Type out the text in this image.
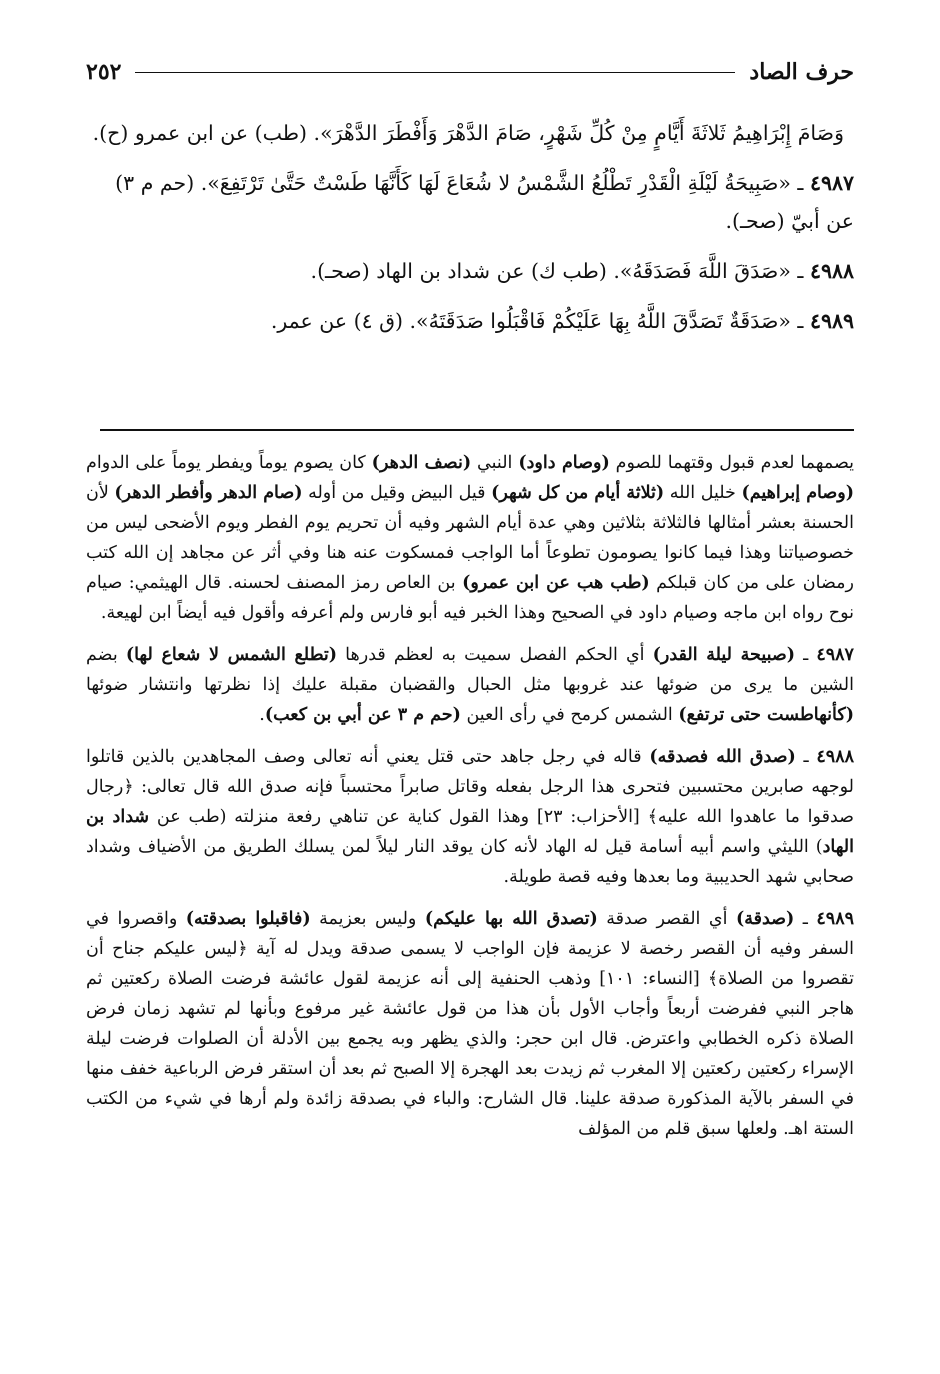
٢٥٢	حرف الصاد

وَصَامَ إِبْرَاهِيمُ ثَلاثَةَ أَيَّامٍ مِنْ كُلِّ شَهْرٍ، صَامَ الدَّهْرَ وَأَفْطَرَ الدَّهْرَ». (طب) عن ابن عمرو (ح).

٤٩٨٧ ـ «صَبِيحَةُ لَيْلَةِ الْقَدْرِ تَطْلُعُ الشَّمْسُ لا شُعَاعَ لَهَا كَأَنَّهَا طَسْتٌ حَتَّىٰ تَرْتَفِعَ». (حم م ٣) عن أبيّ (صحـ).

٤٩٨٨ ـ «صَدَقَ اللَّهَ فَصَدَقَهُ». (طب ك) عن شداد بن الهاد (صحـ).

٤٩٨٩ ـ «صَدَقَةٌ تَصَدَّقَ اللَّهُ بِهَا عَلَيْكُمْ فَاقْبَلُوا صَدَقَتَهُ». (ق ٤) عن عمر.

يصمهما لعدم قبول وقتهما للصوم (وصام داود) النبي (نصف الدهر) كان يصوم يوماً ويفطر يوماً على الدوام (وصام إبراهيم) خليل الله (ثلاثة أيام من كل شهر) قيل البيض وقيل من أوله (صام الدهر وأفطر الدهر) لأن الحسنة بعشر أمثالها فالثلاثة بثلاثين وهي عدة أيام الشهر وفيه أن تحريم يوم الفطر ويوم الأضحى ليس من خصوصياتنا وهذا فيما كانوا يصومون تطوعاً أما الواجب فمسكوت عنه هنا وفي أثر عن مجاهد إن الله كتب رمضان على من كان قبلكم (طب هب عن ابن عمرو) بن العاص رمز المصنف لحسنه. قال الهيثمي: صيام نوح رواه ابن ماجه وصيام داود في الصحيح وهذا الخبر فيه أبو فارس ولم أعرفه وأقول فيه أيضاً ابن لهيعة.

٤٩٨٧ ـ (صبيحة ليلة القدر) أي الحكم الفصل سميت به لعظم قدرها (تطلع الشمس لا شعاع لها) بضم الشين ما يرى من ضوئها عند غروبها مثل الحبال والقضبان مقبلة عليك إذا نظرتها وانتشار ضوئها (كأنهاطست حتى ترتفع) الشمس كرمح في رأى العين (حم م ٣ عن أبي بن كعب).

٤٩٨٨ ـ (صدق الله فصدقه) قاله في رجل جاهد حتى قتل يعني أنه تعالى وصف المجاهدين بالذين قاتلوا لوجهه صابرين محتسبين فتحرى هذا الرجل بفعله وقاتل صابراً محتسباً فإنه صدق الله قال تعالى: ﴿رجال صدقوا ما عاهدوا الله عليه﴾ [الأحزاب: ٢٣] وهذا القول كناية عن تناهي رفعة منزلته (طب عن شداد بن الهاد) الليثي واسم أبيه أسامة قيل له الهاد لأنه كان يوقد النار ليلاً لمن يسلك الطريق من الأضياف وشداد صحابي شهد الحديبية وما بعدها وفيه قصة طويلة.

٤٩٨٩ ـ (صدقة) أي القصر صدقة (تصدق الله بها عليكم) وليس بعزيمة (فاقبلوا بصدقته) واقصروا في السفر وفيه أن القصر رخصة لا عزيمة فإن الواجب لا يسمى صدقة ويدل له آية ﴿ليس عليكم جناح أن تقصروا من الصلاة﴾ [النساء: ١٠١] وذهب الحنفية إلى أنه عزيمة لقول عائشة فرضت الصلاة ركعتين ثم هاجر النبي ففرضت أربعاً وأجاب الأول بأن هذا من قول عائشة غير مرفوع وبأنها لم تشهد زمان فرض الصلاة ذكره الخطابي واعترض. قال ابن حجر: والذي يظهر وبه يجمع بين الأدلة أن الصلوات فرضت ليلة الإسراء ركعتين ركعتين إلا المغرب ثم زيدت بعد الهجرة إلا الصبح ثم بعد أن استقر فرض الرباعية خفف منها في السفر بالآية المذكورة صدقة علينا. قال الشارح: والباء في بصدقة زائدة ولم أرها في شيء من الكتب الستة اهـ. ولعلها سبق قلم من المؤلف
